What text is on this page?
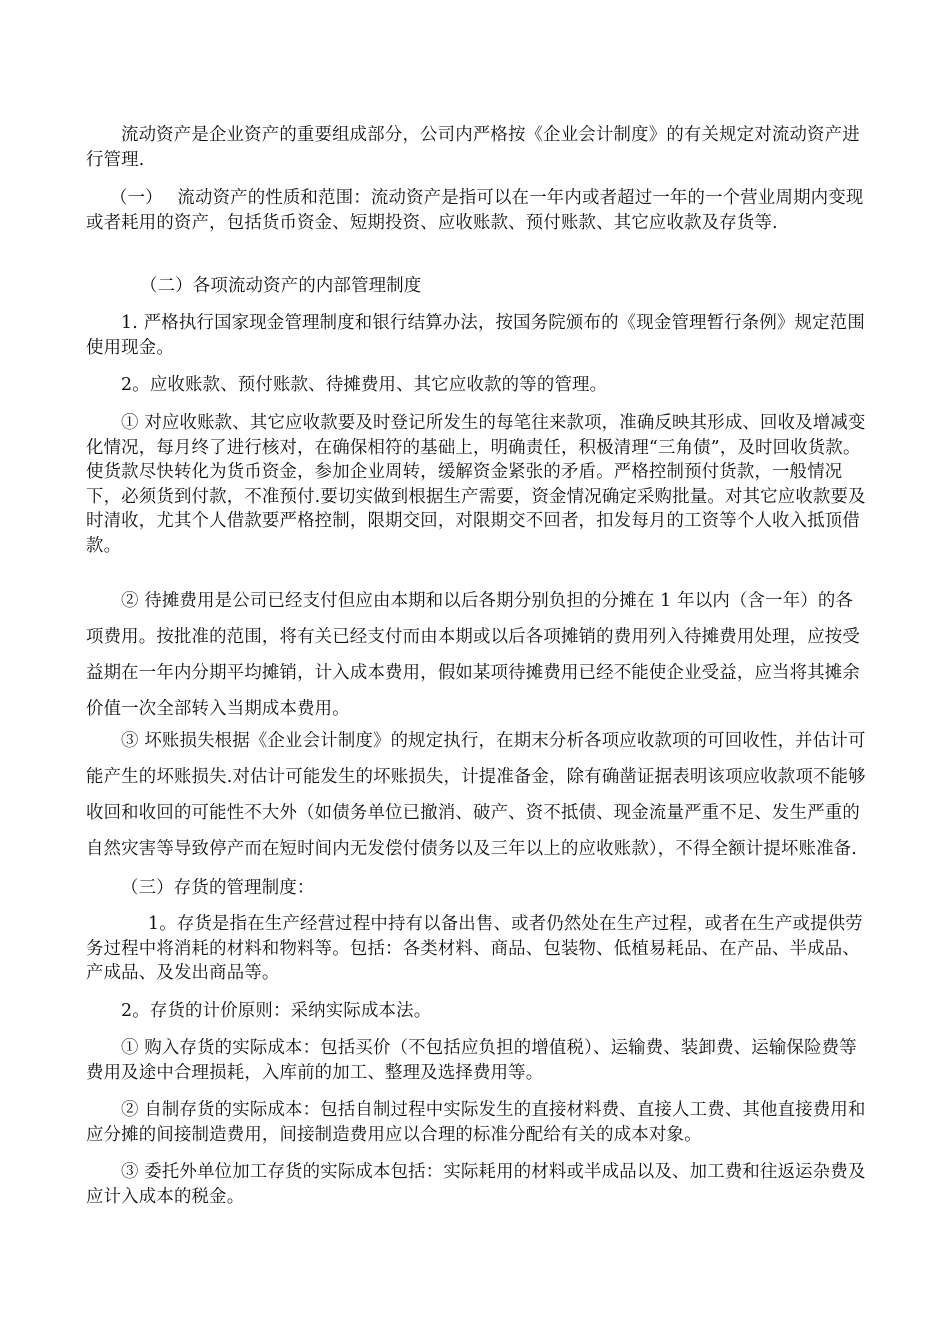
流动资产是企业资产的重要组成部分，公司内严格按《企业会计制度》的有关规定对流动资产进行管理.

（一）　 流动资产的性质和范围：流动资产是指可以在一年内或者超过一年的一个营业周期内变现或者耗用的资产，包括货币资金、短期投资、应收账款、预付账款、其它应收款及存货等.

（二）各项流动资产的内部管理制度

1. 严格执行国家现金管理制度和银行结算办法，按国务院颁布的《现金管理暂行条例》规定范围使用现金。

2。应收账款、预付账款、待摊费用、其它应收款的等的管理。

① 对应收账款、其它应收款要及时登记所发生的每笔往来款项，准确反映其形成、回收及增减变化情况，每月终了进行核对，在确保相符的基础上，明确责任，积极清理“三角债”，及时回收货款。使货款尽快转化为货币资金，参加企业周转，缓解资金紧张的矛盾。严格控制预付货款，一般情况下，必须货到付款，不准预付.要切实做到根据生产需要，资金情况确定采购批量。对其它应收款要及时清收，尤其个人借款要严格控制，限期交回，对限期交不回者，扣发每月的工资等个人收入抵顶借款。

② 待摊费用是公司已经支付但应由本期和以后各期分别负担的分摊在 1 年以内（含一年）的各项费用。按批准的范围，将有关已经支付而由本期或以后各项摊销的费用列入待摊费用处理，应按受益期在一年内分期平均摊销，计入成本费用，假如某项待摊费用已经不能使企业受益，应当将其摊余价值一次全部转入当期成本费用。

③ 坏账损失根据《企业会计制度》的规定执行，在期末分析各项应收款项的可回收性，并估计可能产生的坏账损失.对估计可能发生的坏账损失，计提准备金，除有确凿证据表明该项应收款项不能够收回和收回的可能性不大外（如债务单位已撤消、破产、资不抵债、现金流量严重不足、发生严重的自然灾害等导致停产而在短时间内无发偿付债务以及三年以上的应收账款），不得全额计提坏账准备.

（三）存货的管理制度：

1。存货是指在生产经营过程中持有以备出售、或者仍然处在生产过程，或者在生产或提供劳务过程中将消耗的材料和物料等。包括：各类材料、商品、包装物、低植易耗品、在产品、半成品、产成品、及发出商品等。

2。存货的计价原则：采纳实际成本法。

① 购入存货的实际成本：包括买价（不包括应负担的增值税）、运输费、装卸费、运输保险费等费用及途中合理损耗，入库前的加工、整理及选择费用等。

② 自制存货的实际成本：包括自制过程中实际发生的直接材料费、直接人工费、其他直接费用和应分摊的间接制造费用，间接制造费用应以合理的标准分配给有关的成本对象。

③ 委托外单位加工存货的实际成本包括：实际耗用的材料或半成品以及、加工费和往返运杂费及应计入成本的税金。
